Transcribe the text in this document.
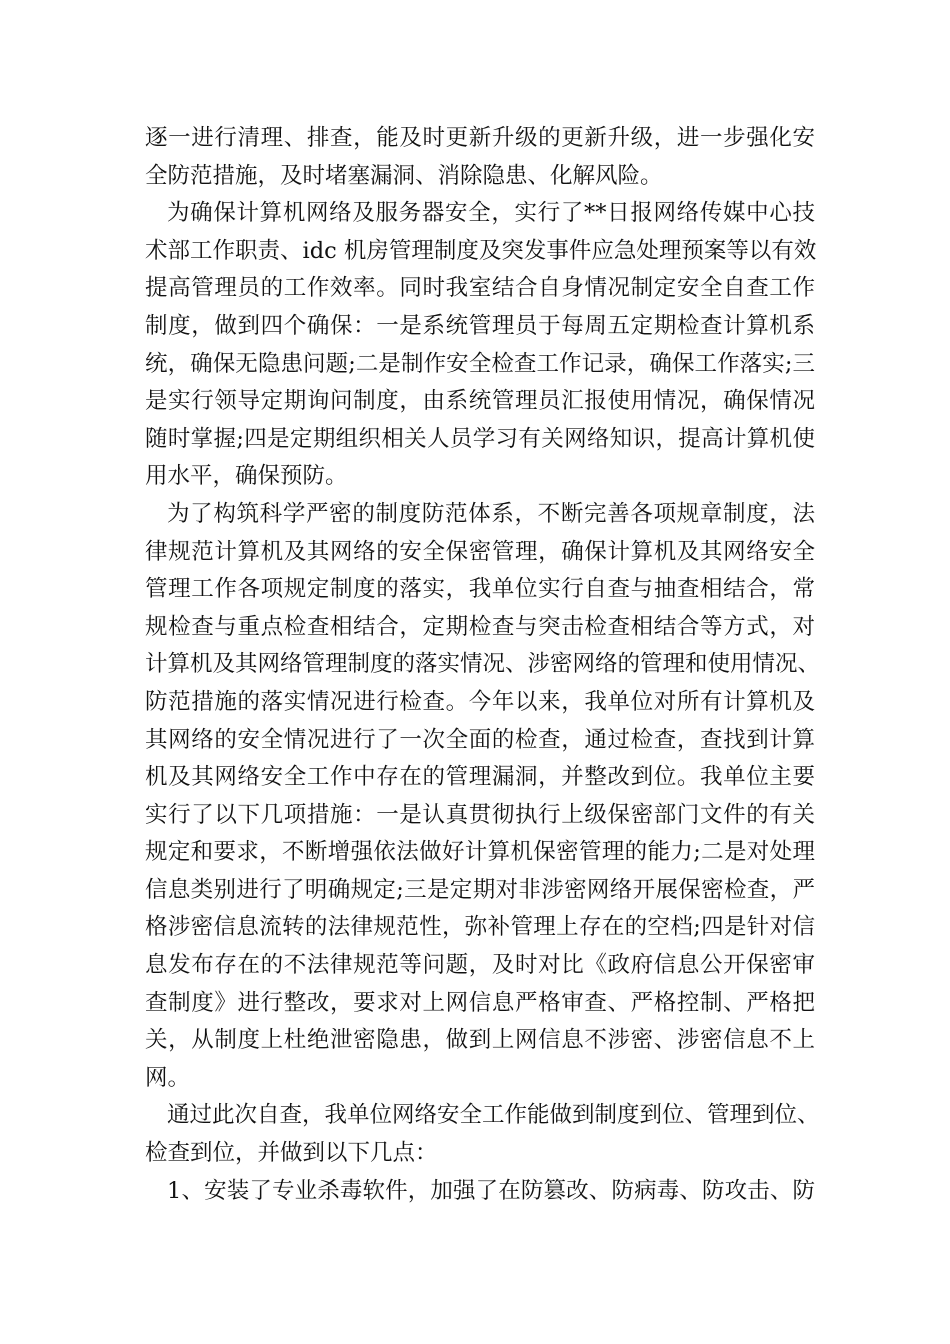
逐一进行清理、排查，能及时更新升级的更新升级，进一步强化安
全防范措施，及时堵塞漏洞、消除隐患、化解风险。
为确保计算机网络及服务器安全，实行了**日报网络传媒中心技
术部工作职责、idc 机房管理制度及突发事件应急处理预案等以有效
提高管理员的工作效率。同时我室结合自身情况制定安全自查工作
制度，做到四个确保：一是系统管理员于每周五定期检查计算机系
统，确保无隐患问题;二是制作安全检查工作记录，确保工作落实;三
是实行领导定期询问制度，由系统管理员汇报使用情况，确保情况
随时掌握;四是定期组织相关人员学习有关网络知识，提高计算机使
用水平，确保预防。
为了构筑科学严密的制度防范体系，不断完善各项规章制度，法
律规范计算机及其网络的安全保密管理，确保计算机及其网络安全
管理工作各项规定制度的落实，我单位实行自查与抽查相结合，常
规检查与重点检查相结合，定期检查与突击检查相结合等方式，对
计算机及其网络管理制度的落实情况、涉密网络的管理和使用情况、
防范措施的落实情况进行检查。今年以来，我单位对所有计算机及
其网络的安全情况进行了一次全面的检查，通过检查，查找到计算
机及其网络安全工作中存在的管理漏洞，并整改到位。我单位主要
实行了以下几项措施：一是认真贯彻执行上级保密部门文件的有关
规定和要求，不断增强依法做好计算机保密管理的能力;二是对处理
信息类别进行了明确规定;三是定期对非涉密网络开展保密检查，严
格涉密信息流转的法律规范性，弥补管理上存在的空档;四是针对信
息发布存在的不法律规范等问题，及时对比《政府信息公开保密审
查制度》进行整改，要求对上网信息严格审查、严格控制、严格把
关，从制度上杜绝泄密隐患，做到上网信息不涉密、涉密信息不上
网。
通过此次自查，我单位网络安全工作能做到制度到位、管理到位、
检查到位，并做到以下几点：
1、安装了专业杀毒软件，加强了在防篡改、防病毒、防攻击、防
